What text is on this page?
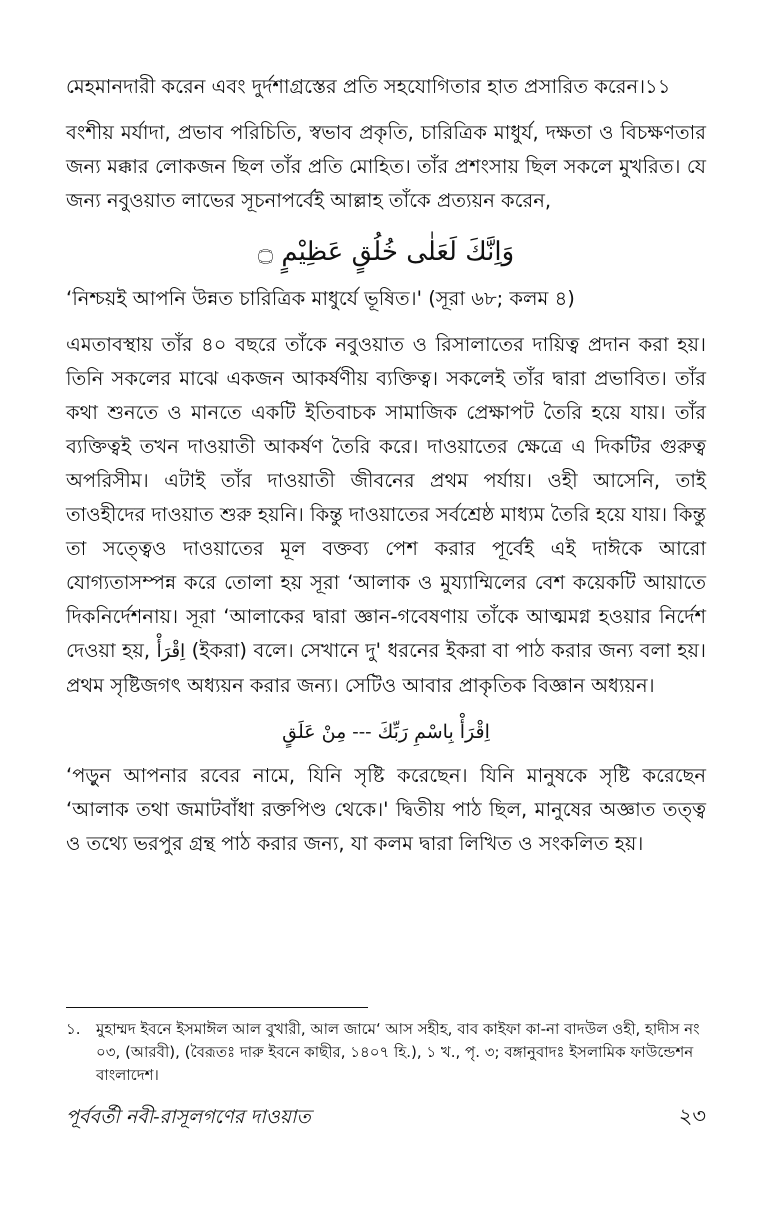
মেহমানদারী করেন এবং দুর্দশাগ্রস্তের প্রতি সহযোগিতার হাত প্রসারিত করেন।১১

বংশীয় মর্যাদা, প্রভাব পরিচিতি, স্বভাব প্রকৃতি, চারিত্রিক মাধুর্য, দক্ষতা ও বিচক্ষণতার জন্য মক্কার লোকজন ছিল তাঁর প্রতি মোহিত। তাঁর প্রশংসায় ছিল সকলে মুখরিত। যে জন্য নবুওয়াত লাভের সূচনাপর্বেই আল্লাহ তাঁকে প্রত্যয়ন করেন,

وَاِنَّكَ لَعَلٰى خُلُقٍ عَظِيْمٍ ۝

‘নিশ্চয়ই আপনি উন্নত চারিত্রিক মাধুর্যে ভূষিত।' (সূরা ৬৮; কলম ৪)

এমতাবস্থায় তাঁর ৪০ বছরে তাঁকে নবুওয়াত ও রিসালাতের দায়িত্ব প্রদান করা হয়। তিনি সকলের মাঝে একজন আকর্ষণীয় ব্যক্তিত্ব। সকলেই তাঁর দ্বারা প্রভাবিত। তাঁর কথা শুনতে ও মানতে একটি ইতিবাচক সামাজিক প্রেক্ষাপট তৈরি হয়ে যায়। তাঁর ব্যক্তিত্বই তখন দাওয়াতী আকর্ষণ তৈরি করে। দাওয়াতের ক্ষেত্রে এ দিকটির গুরুত্ব অপরিসীম। এটাই তাঁর দাওয়াতী জীবনের প্রথম পর্যায়। ওহী আসেনি, তাই তাওহীদের দাওয়াত শুরু হয়নি। কিন্তু দাওয়াতের সর্বশ্রেষ্ঠ মাধ্যম তৈরি হয়ে যায়। কিন্তু তা সত্ত্বেও দাওয়াতের মূল বক্তব্য পেশ করার পূর্বেই এই দাঈকে আরো যোগ্যতাসম্পন্ন করে তোলা হয় সূরা ‘আলাক ও মুয্যাম্মিলের বেশ কয়েকটি আয়াতে দিকনির্দেশনায়। সূরা ‘আলাকের দ্বারা জ্ঞান-গবেষণায় তাঁকে আত্মমগ্ন হওয়ার নির্দেশ দেওয়া হয়, اِقْرَأْ (ইকরা) বলে। সেখানে দু' ধরনের ইকরা বা পাঠ করার জন্য বলা হয়। প্রথম সৃষ্টিজগৎ অধ্যয়ন করার জন্য। সেটিও আবার প্রাকৃতিক বিজ্ঞান অধ্যয়ন।

اِقْرَأْ بِاسْمِ رَبِّكَ --- مِنْ عَلَقٍ

‘পড়ুন আপনার রবের নামে, যিনি সৃষ্টি করেছেন। যিনি মানুষকে সৃষ্টি করেছেন ‘আলাক তথা জমাটবাঁধা রক্তপিণ্ড থেকে।' দ্বিতীয় পাঠ ছিল, মানুষের অজ্ঞাত তত্ত্ব ও তথ্যে ভরপুর গ্রন্থ পাঠ করার জন্য, যা কলম দ্বারা লিখিত ও সংকলিত হয়।

১.	মুহাম্মদ ইবনে ইসমাঈল আল বুখারী, আল জামে‘ আস সহীহ, বাব কাইফা কা-না বাদউল ওহী, হাদীস নং ০৩, (আরবী), (বৈরূতঃ দারু ইবনে কাছীর, ১৪০৭ হি.), ১ খ., পৃ. ৩; বঙ্গানুবাদঃ ইসলামিক ফাউন্ডেশন বাংলাদেশ।
পূর্ববর্তী নবী-রাসূলগণের দাওয়াত	২৩
